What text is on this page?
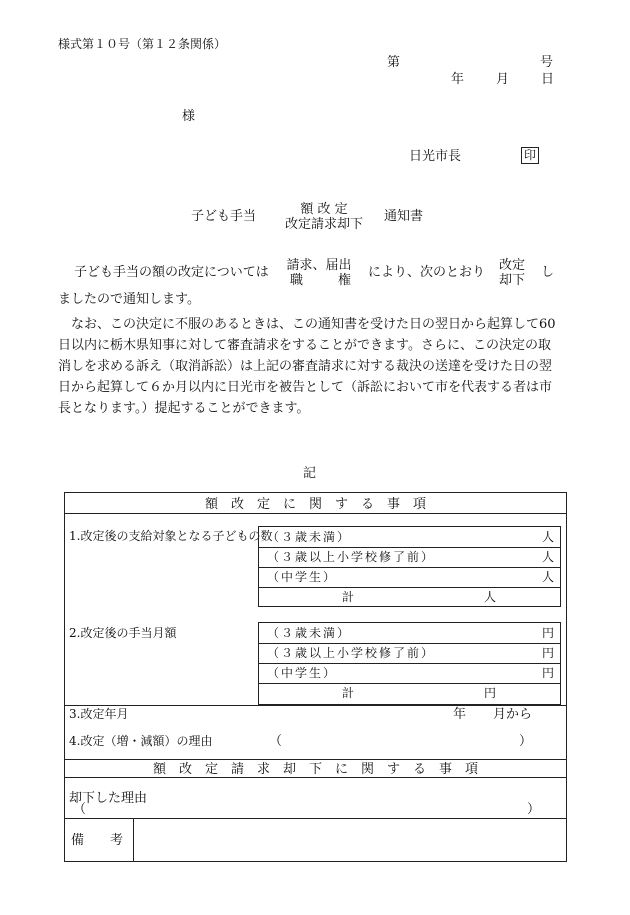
様式第１０号（第１２条関係）
第	号
年 月 日
様
日光市長	印
子ども手当	額 改 定
改定請求却下
通知書
子ども手当の額の改定については 請求、届出
職	権
により、次のとおり 改定
却下
し
ましたので通知します。
なお、この決定に不服のあるときは、この通知書を受けた日の翌日から起算して60日以内に栃木県知事に対して審査請求をすることができます。さらに、この決定の取消しを求める訴え（取消訴訟）は上記の審査請求に対する裁決の送達を受けた日の翌日から起算して６か月以内に日光市を被告として（訴訟において市を代表する者は市長となります。）提起することができます。
記
額　改　定　に　関　す　る　事　項
1.改定後の支給対象となる子どもの数
（３歳未満）	人
（３歳以上小学校修了前）	人
（中学生）	人
計	人
2.改定後の手当月額	（３歳未満）	円
（３歳以上小学校修了前）	円
（中学生）	円
計	円
3.改定年月	年 月から
4.改定（増・減額）の理由	（	）
額　改　定　請　求　却　下　に　関　す　る　事　項
却下した理由
（	）
備　　考
